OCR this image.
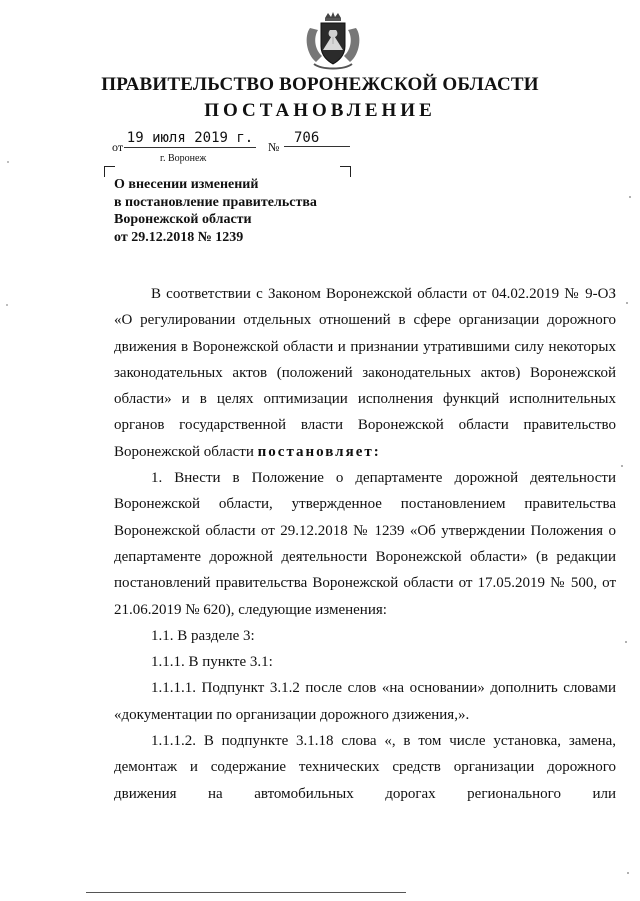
ПРАВИТЕЛЬСТВО ВОРОНЕЖСКОЙ ОБЛАСТИ
ПОСТАНОВЛЕНИЕ
от
19 июля 2019 г.
№
706
г. Воронеж
О внесении изменений
в постановление правительства
Воронежской области
от 29.12.2018 № 1239

В соответствии с Законом Воронежской области от 04.02.2019 № 9-ОЗ «О регулировании отдельных отношений в сфере организации дорожного движения в Воронежской области и признании утратившими силу некоторых законодательных актов (положений законодательных актов) Воронежской области» и в целях оптимизации исполнения функций исполнительных органов государственной власти Воронежской области правительство Воронежской области постановляет:

1. Внести в Положение о департаменте дорожной деятельности Воронежской области, утвержденное постановлением правительства Воронежской области от 29.12.2018 № 1239 «Об утверждении Положения о департаменте дорожной деятельности Воронежской области» (в редакции постановлений правительства Воронежской области от 17.05.2019 № 500, от 21.06.2019 № 620), следующие изменения:

1.1. В разделе 3:

1.1.1. В пункте 3.1:

1.1.1.1. Подпункт 3.1.2 после слов «на основании» дополнить словами «документации по организации дорожного дзижения,».

1.1.1.2. В подпункте 3.1.18 слова «, в том числе установка, замена, демонтаж и содержание технических средств организации дорожного движения на автомобильных дорогах регионального или
